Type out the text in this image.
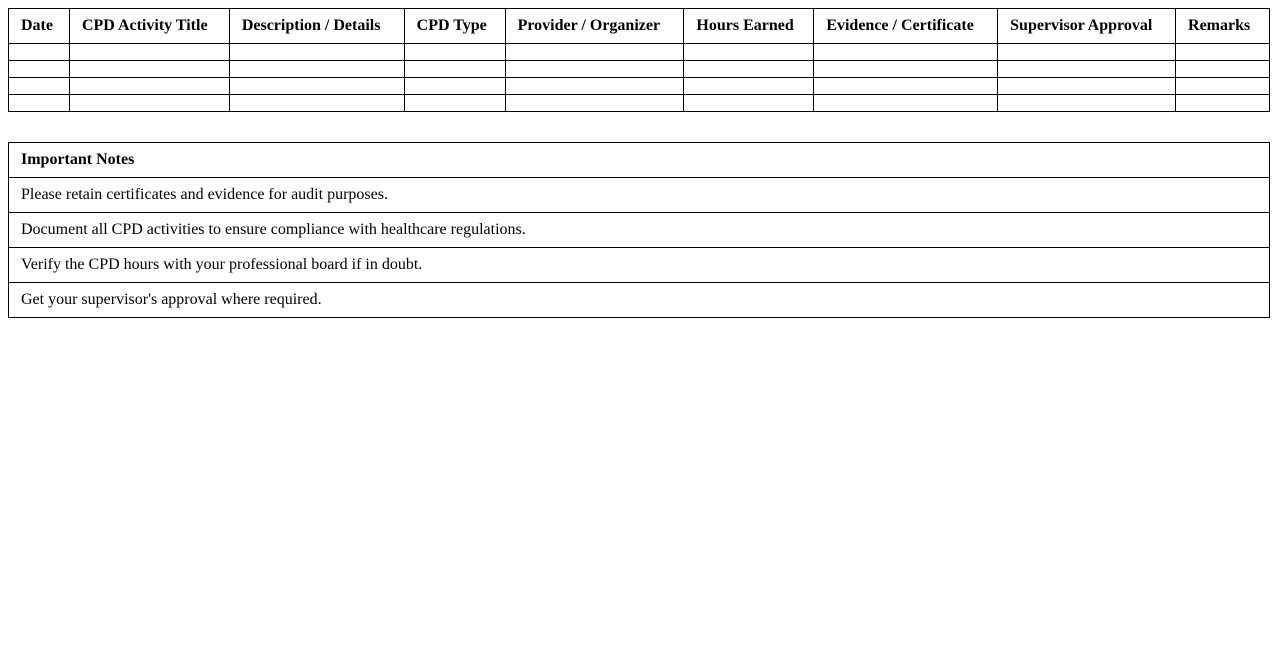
Date	CPD Activity Title	Description / Details	CPD Type	Provider / Organizer	Hours Earned	Evidence / Certificate	Supervisor Approval	Remarks

Important Notes
Please retain certificates and evidence for audit purposes.
Document all CPD activities to ensure compliance with healthcare regulations.
Verify the CPD hours with your professional board if in doubt.
Get your supervisor's approval where required.
